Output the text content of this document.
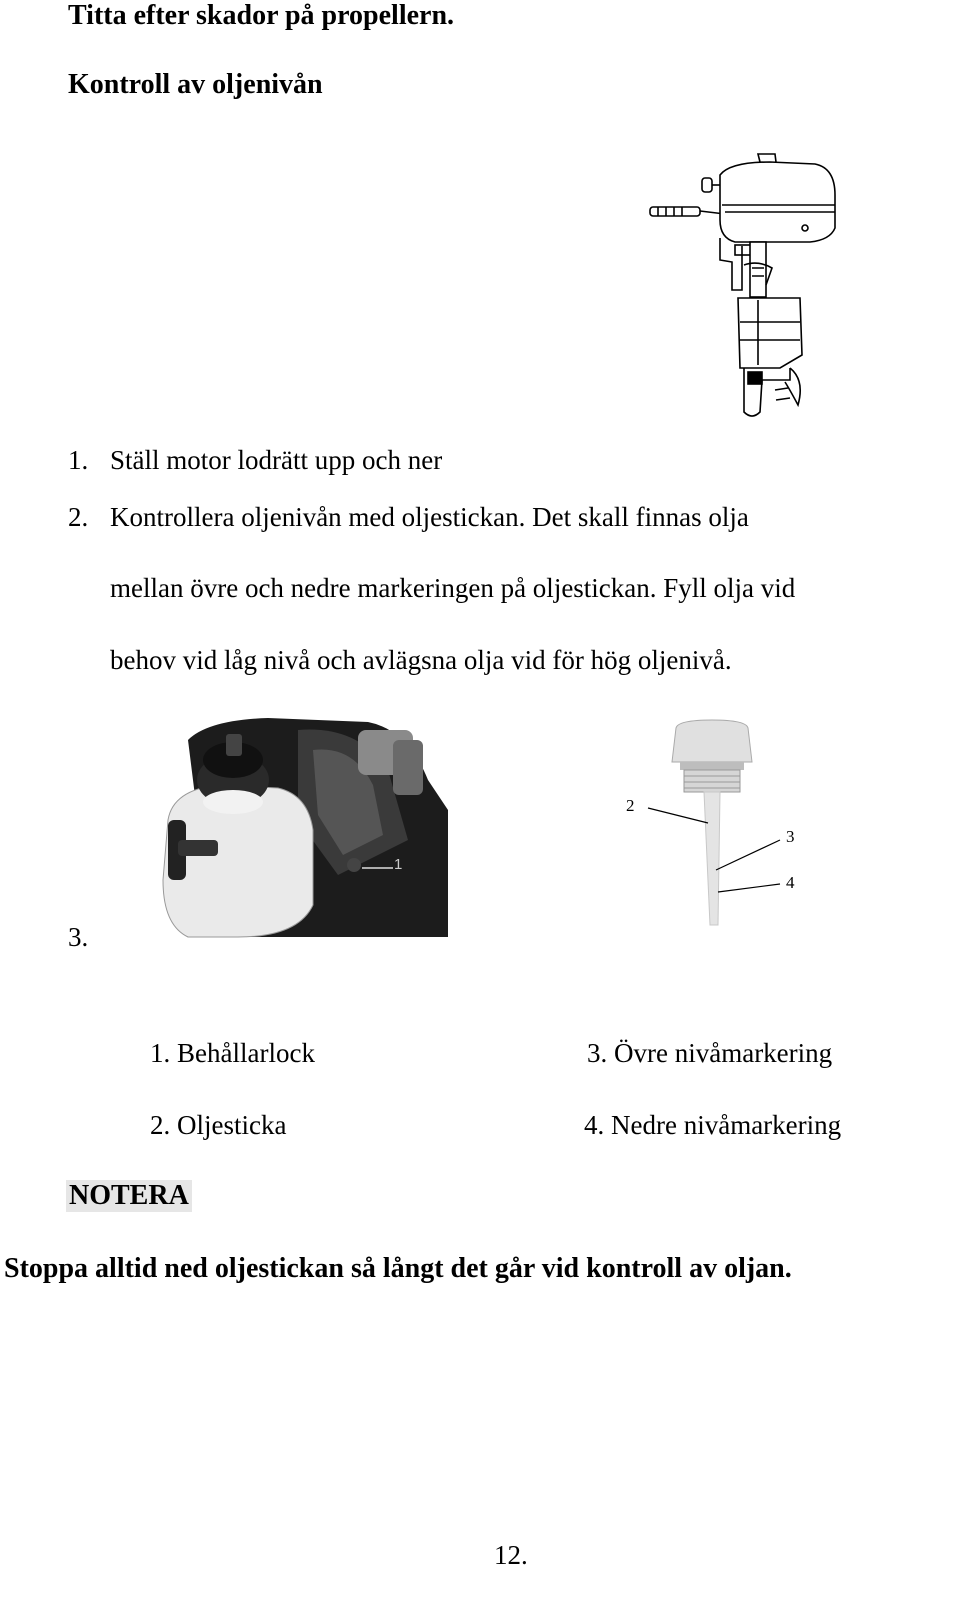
Titta efter skador på propellern.
Kontroll av oljenivån
1. Ställ motor lodrätt upp och ner
2. Kontrollera oljenivån med oljestickan. Det skall finnas olja
mellan övre och nedre markeringen på oljestickan. Fyll olja vid
behov vid låg nivå och avlägsna olja vid för hög oljenivå.
3.
1
2
3
4
1. Behållarlock
2. Oljesticka
3. Övre nivåmarkering
4. Nedre nivåmarkering
NOTERA
Stoppa alltid ned oljestickan så långt det går vid kontroll av oljan.
12.
